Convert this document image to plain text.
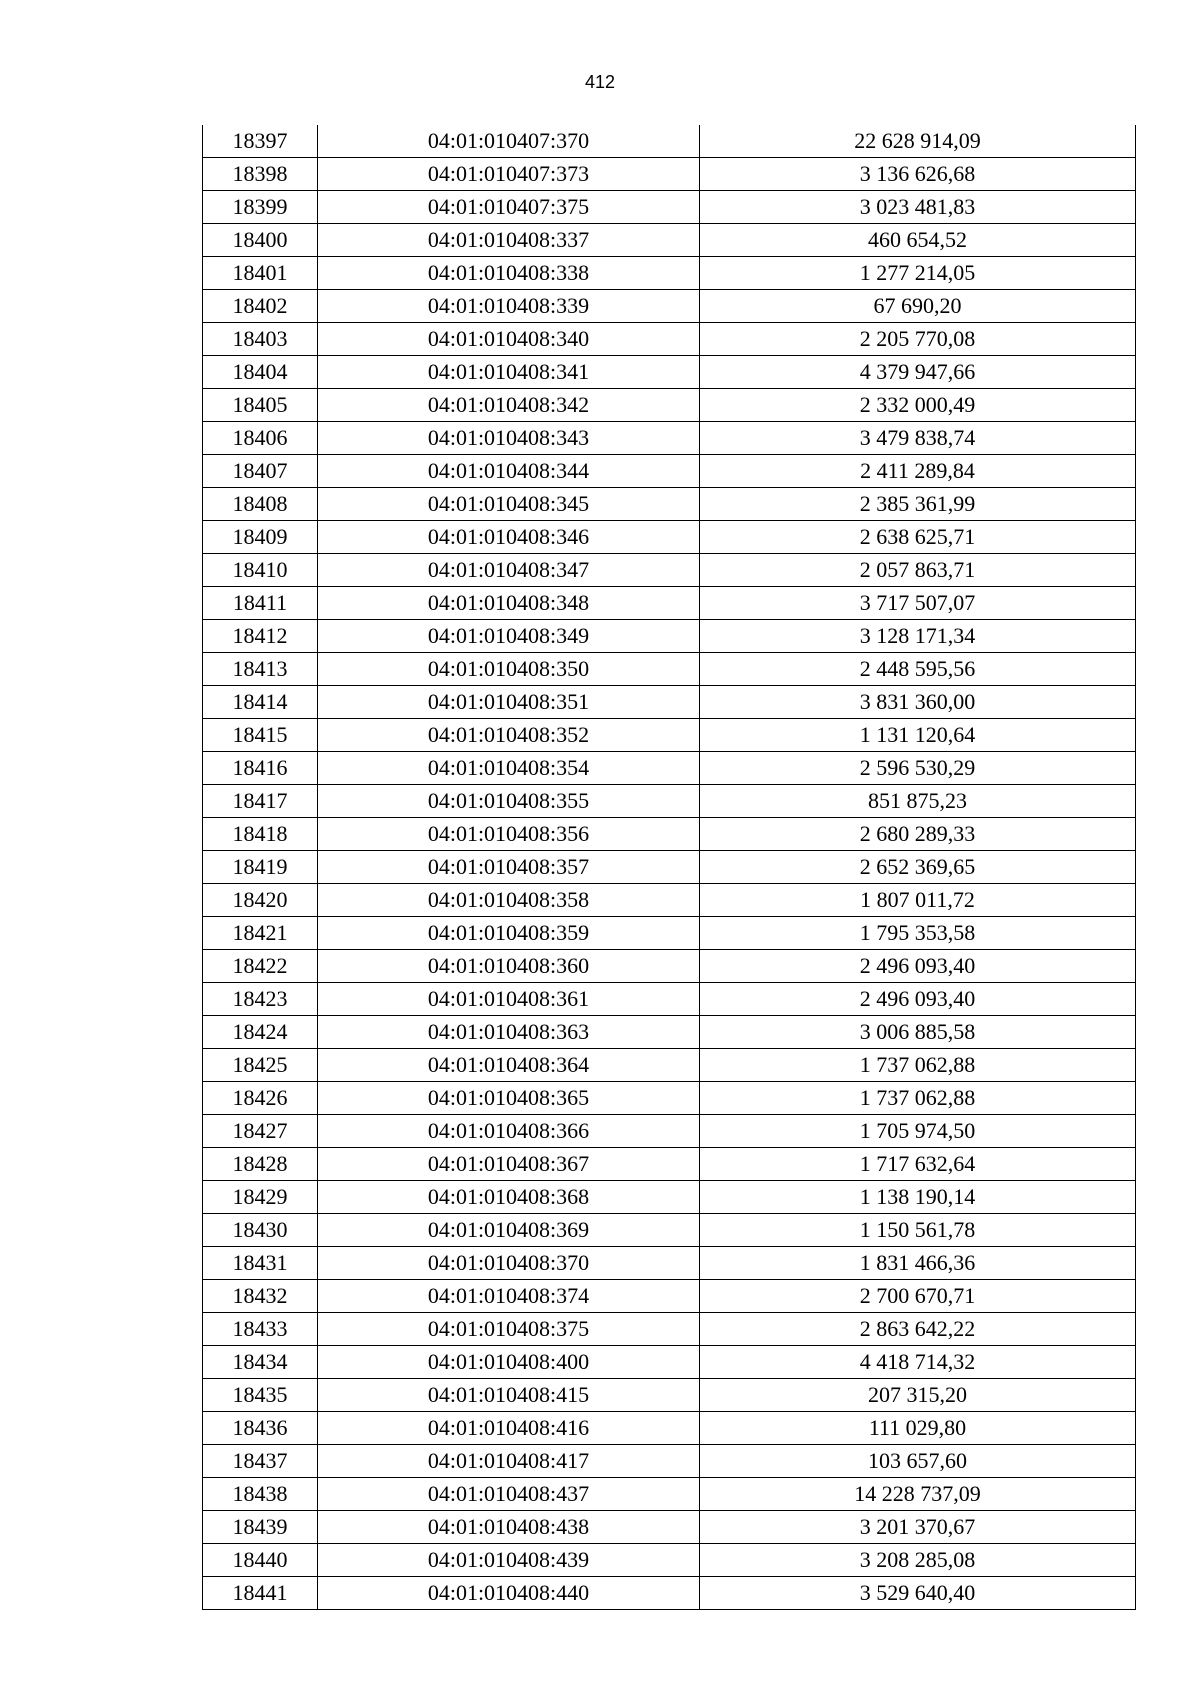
412
18397	04:01:010407:370	22 628 914,09
18398	04:01:010407:373	3 136 626,68
18399	04:01:010407:375	3 023 481,83
18400	04:01:010408:337	460 654,52
18401	04:01:010408:338	1 277 214,05
18402	04:01:010408:339	67 690,20
18403	04:01:010408:340	2 205 770,08
18404	04:01:010408:341	4 379 947,66
18405	04:01:010408:342	2 332 000,49
18406	04:01:010408:343	3 479 838,74
18407	04:01:010408:344	2 411 289,84
18408	04:01:010408:345	2 385 361,99
18409	04:01:010408:346	2 638 625,71
18410	04:01:010408:347	2 057 863,71
18411	04:01:010408:348	3 717 507,07
18412	04:01:010408:349	3 128 171,34
18413	04:01:010408:350	2 448 595,56
18414	04:01:010408:351	3 831 360,00
18415	04:01:010408:352	1 131 120,64
18416	04:01:010408:354	2 596 530,29
18417	04:01:010408:355	851 875,23
18418	04:01:010408:356	2 680 289,33
18419	04:01:010408:357	2 652 369,65
18420	04:01:010408:358	1 807 011,72
18421	04:01:010408:359	1 795 353,58
18422	04:01:010408:360	2 496 093,40
18423	04:01:010408:361	2 496 093,40
18424	04:01:010408:363	3 006 885,58
18425	04:01:010408:364	1 737 062,88
18426	04:01:010408:365	1 737 062,88
18427	04:01:010408:366	1 705 974,50
18428	04:01:010408:367	1 717 632,64
18429	04:01:010408:368	1 138 190,14
18430	04:01:010408:369	1 150 561,78
18431	04:01:010408:370	1 831 466,36
18432	04:01:010408:374	2 700 670,71
18433	04:01:010408:375	2 863 642,22
18434	04:01:010408:400	4 418 714,32
18435	04:01:010408:415	207 315,20
18436	04:01:010408:416	111 029,80
18437	04:01:010408:417	103 657,60
18438	04:01:010408:437	14 228 737,09
18439	04:01:010408:438	3 201 370,67
18440	04:01:010408:439	3 208 285,08
18441	04:01:010408:440	3 529 640,40
